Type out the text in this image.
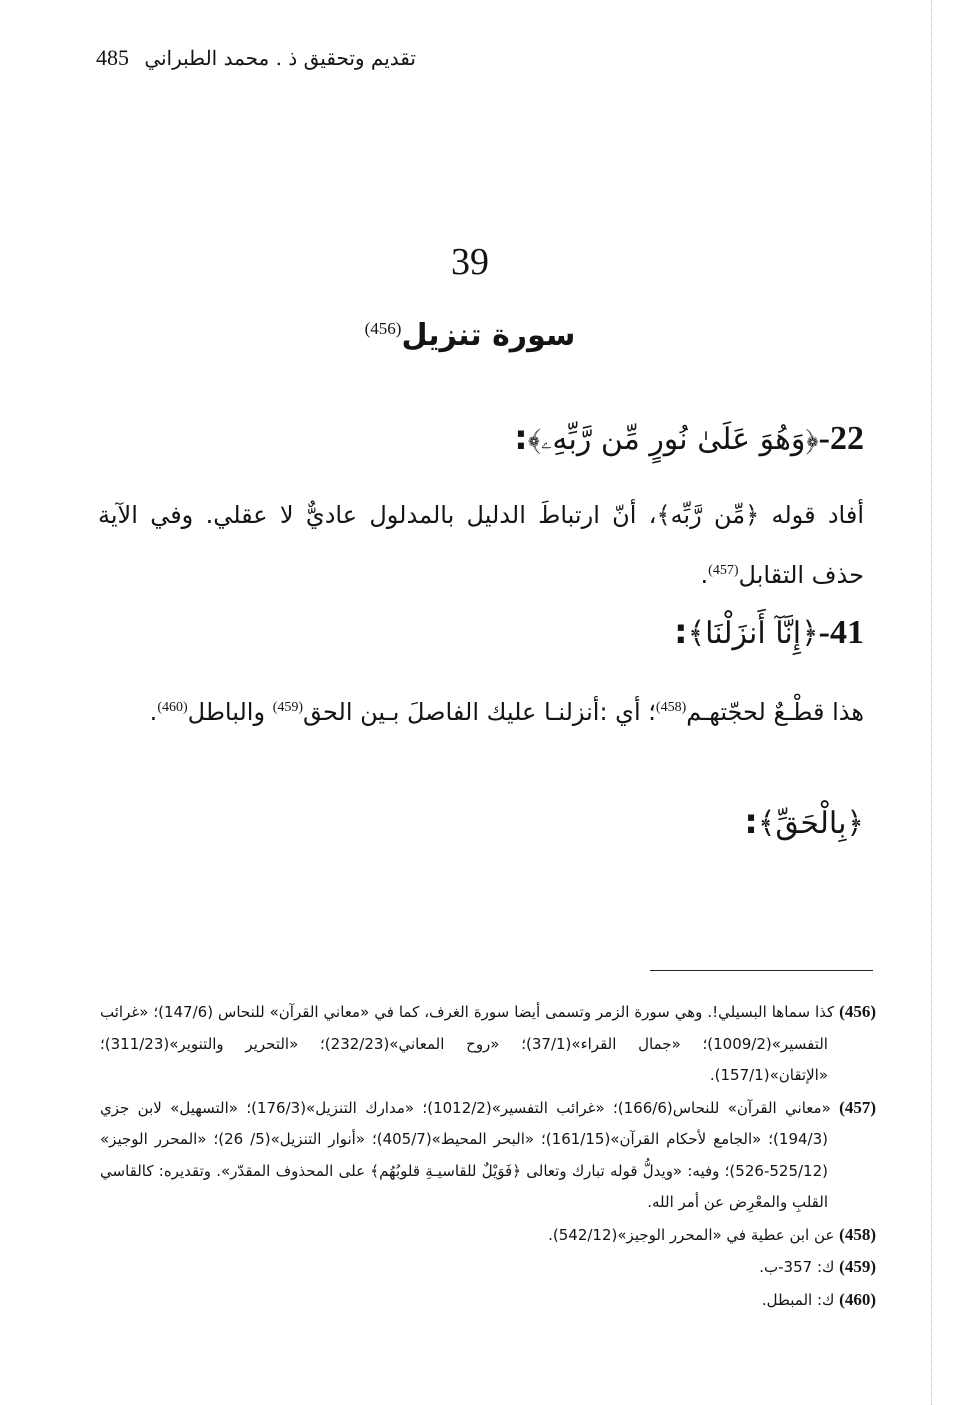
تقديم وتحقيق ذ . محمد الطبراني
485
39
سورة تنزيل$^{(456)}$
22-﴿وَهُوَ عَلَىٰ نُورٍ مِّن رَّبِّهِۦ﴾:
أفاد قوله ﴿مِّن رَّبِّه﴾، أنّ ارتباطَ الدليل بالمدلول عاديٌّ لا عقلي. وفي الآية حذف التقابل$^{(457)}$.
41-﴿إِنَّآ أَنزَلْنَا﴾:
هذا قطْـعٌ لحجّتهـم$^{(458)}$؛ أي :أنزلنـا عليك الفاصلَ بـين الحق$^{(459)}$ والباطل$^{(460)}$.
﴿بِالْحَقِّ﴾:

(456) كذا سماها البسيلي!. وهي سورة الزمر وتسمى أيضا سورة الغرف، كما في «معاني القرآن» للنحاس (147/6)؛ «غرائب التفسير»(1009/2)؛ «جمال القراء»(37/1)؛ «روح المعاني»(232/23)؛ «التحرير والتنوير»(311/23)؛ «الإتقان»(157/1).

(457) «معاني القرآن» للنحاس(166/6)؛ «غرائب التفسير»(1012/2)؛ «مدارك التنزيل»(176/3)؛ «التسهيل» لابن جزي (194/3)؛ «الجامع لأحكام القرآن»(161/15)؛ «البحر المحيط»(405/7)؛ «أنوار التنزيل»(5/ 26)؛ «المحرر الوجيز» (525/12-526)؛ وفيه: «ويدلُّ قوله تبارك وتعالى ﴿فَوَيْلٌ للقاسيـةِ قلوبُهُم﴾ على المحذوف المقدّر». وتقديره: كالقاسي القلبِ والمعْرِض عن أمر الله.

(458) عن ابن عطية في «المحرر الوجيز»(542/12).

(459) ك: 357-ب.

(460) ك: المبطل.
